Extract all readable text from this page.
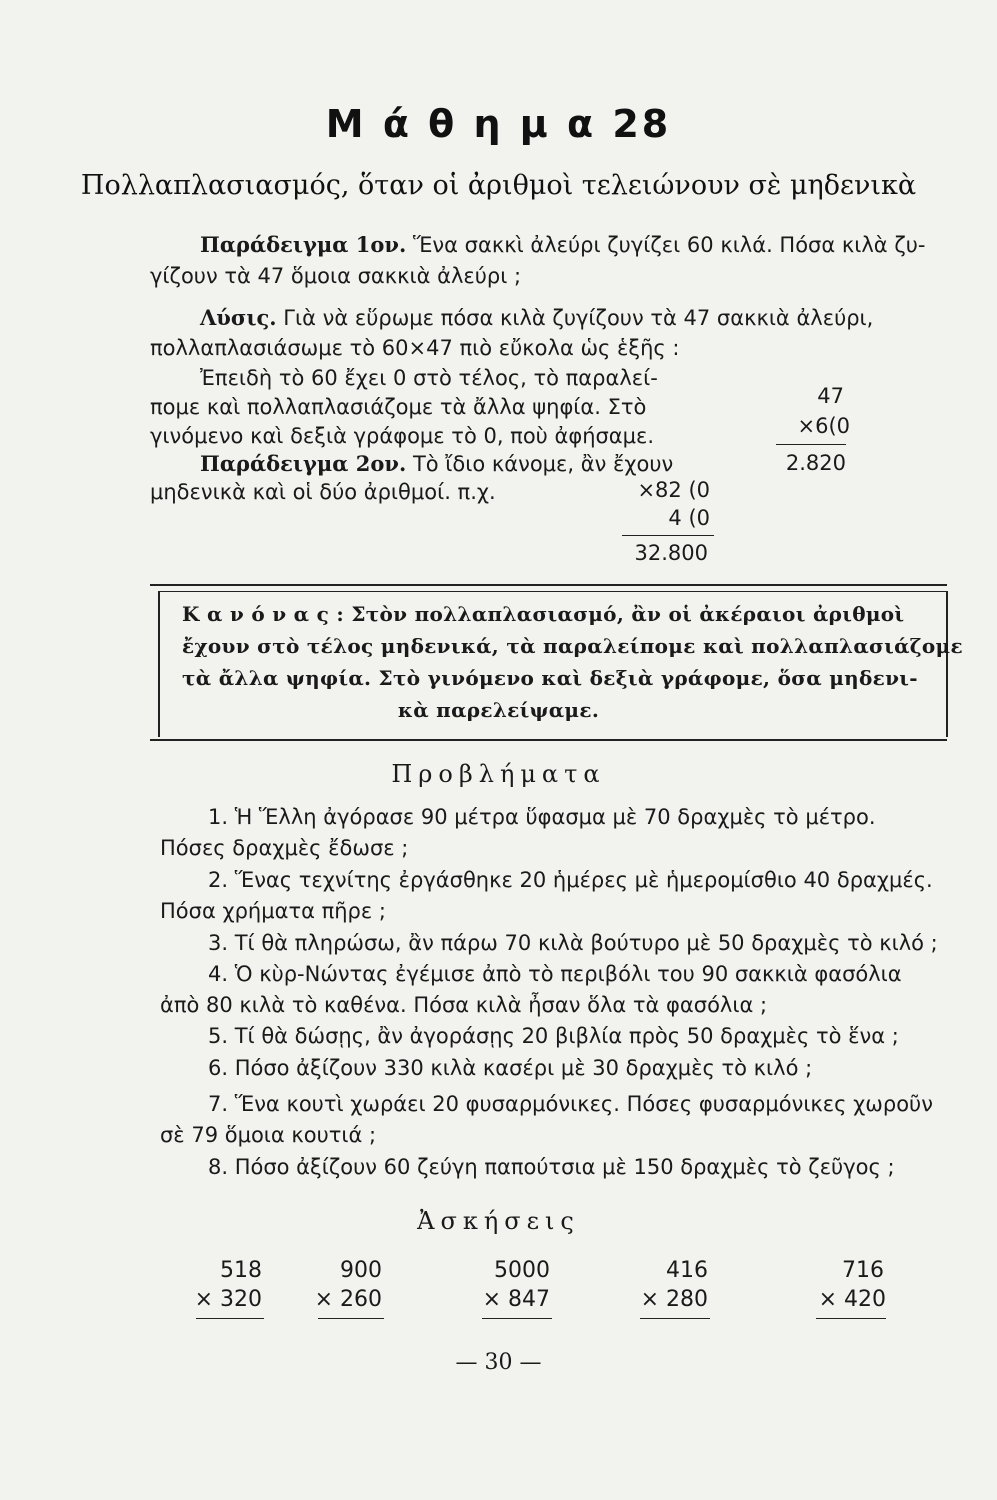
Μ ά θ η μ α 28
Πολλαπλασιασμός, ὅταν οἱ ἀριθμοὶ τελειώνουν σὲ μηδενικὰ
Παράδειγμα 1ον. Ἕνα σακκὶ ἀλεύρι ζυγίζει 60 κιλά. Πόσα κιλὰ ζυ-
γίζουν τὰ 47 ὅμοια σακκιὰ ἀλεύρι ;
Λύσις. Γιὰ νὰ εὕρωμε πόσα κιλὰ ζυγίζουν τὰ 47 σακκιὰ ἀλεύρι,
πολλαπλασιάσωμε τὸ 60×47 πιὸ εὔκολα ὡς ἑξῆς :
Ἐπειδὴ τὸ 60 ἔχει 0 στὸ τέλος, τὸ παραλεί-
πομε καὶ πολλαπλασιάζομε τὰ ἄλλα ψηφία. Στὸ
γινόμενο καὶ δεξιὰ γράφομε τὸ 0, ποὺ ἀφήσαμε.
47
×6(0
2.820
Παράδειγμα 2ον. Τὸ ἴδιο κάνομε, ἂν ἔχουν
μηδενικὰ καὶ οἱ δύο ἀριθμοί. π.χ.	×82 (0
4 (0
32.800
Κ α ν ό ν α ς : Στὸν πολλαπλασιασμό, ἂν οἱ ἀκέραιοι ἀριθμοὶ
ἔχουν στὸ τέλος μηδενικά, τὰ παραλείπομε καὶ πολλαπλασιάζομε
τὰ ἄλλα ψηφία. Στὸ γινόμενο καὶ δεξιὰ γράφομε, ὅσα μηδενι-
κὰ παρελείψαμε.
Προβλήματα
1. Ἡ Ἕλλη ἀγόρασε 90 μέτρα ὕφασμα μὲ 70 δραχμὲς τὸ μέτρο.
Πόσες δραχμὲς ἔδωσε ;
2. Ἕνας τεχνίτης ἐργάσθηκε 20 ἡμέρες μὲ ἡμερομίσθιο 40 δραχμές.
Πόσα χρήματα πῆρε ;
3. Τί θὰ πληρώσω, ἂν πάρω 70 κιλὰ βούτυρο μὲ 50 δραχμὲς τὸ κιλό ;
4. Ὁ κὺρ-Νώντας ἐγέμισε ἀπὸ τὸ περιβόλι του 90 σακκιὰ φασόλια
ἀπὸ 80 κιλὰ τὸ καθένα. Πόσα κιλὰ ἦσαν ὅλα τὰ φασόλια ;
5. Τί θὰ δώσῃς, ἂν ἀγοράσῃς 20 βιβλία πρὸς 50 δραχμὲς τὸ ἕνα ;
6. Πόσο ἀξίζουν 330 κιλὰ κασέρι μὲ 30 δραχμὲς τὸ κιλό ;
7. Ἕνα κουτὶ χωράει 20 φυσαρμόνικες. Πόσες φυσαρμόνικες χωροῦν
σὲ 79 ὅμοια κουτιά ;
8. Πόσο ἀξίζουν 60 ζεύγη παπούτσια μὲ 150 δραχμὲς τὸ ζεῦγος ;
Ἀσκήσεις
518
× 320
900
× 260
5000
× 847
416
× 280
716
× 420
— 30 —
